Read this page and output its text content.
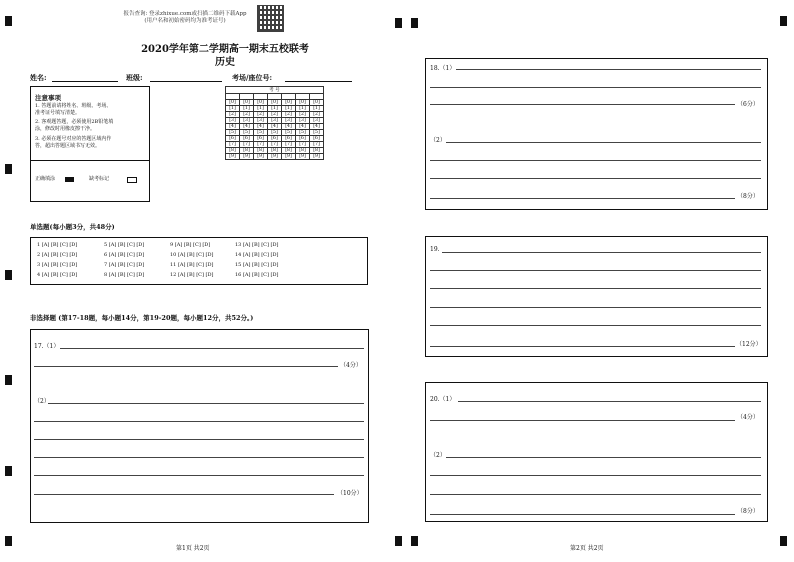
报告查询: 登录zhixue.com或扫描二维码下载App
(用户名和初始密码均为准考证号)
2020学年第二学期高一期末五校联考
历史
姓名:	班级:	考场/座位号:
注意事项
1. 答题前请将姓名、班级、考场、准考证号填写清楚。
2. 客观题答题，必须使用2B铅笔填涂，修改时用橡皮擦干净。
3. 必须在题号对应的答题区域内作答，超出答题区域书写无效。
正确填涂	缺考标记
考 号						

[0]	[0]	[0]	[0]	[0]	[0]	[0]
[1]	[1]	[1]	[1]	[1]	[1]	[1]
[2]	[2]	[2]	[2]	[2]	[2]	[2]
[3]	[3]	[3]	[3]	[3]	[3]	[3]
[4]	[4]	[4]	[4]	[4]	[4]	[4]
[5]	[5]	[5]	[5]	[5]	[5]	[5]
[6]	[6]	[6]	[6]	[6]	[6]	[6]
[7]	[7]	[7]	[7]	[7]	[7]	[7]
[8]	[8]	[8]	[8]	[8]	[8]	[8]
[9]	[9]	[9]	[9]	[9]	[9]	[9]
单选题(每小题3分，共48分)
1 [A] [B] [C] [D]	5 [A] [B] [C] [D]	9 [A] [B] [C] [D]	13 [A] [B] [C] [D]
2 [A] [B] [C] [D]	6 [A] [B] [C] [D]	10 [A] [B] [C] [D]	14 [A] [B] [C] [D]
3 [A] [B] [C] [D]	7 [A] [B] [C] [D]	11 [A] [B] [C] [D]	15 [A] [B] [C] [D]
4 [A] [B] [C] [D]	8 [A] [B] [C] [D]	12 [A] [B] [C] [D]	16 [A] [B] [C] [D]
非选择题 (第17-18题，每小题14分，第19-20题，每小题12分，共52分。)
17.（1）
（4分）
（2）
（10分）
第1页 共2页
18.（1）
（6分）
（2）
（8分）
19.
（12分）
20.（1）
（4分）
（2）
（8分）
第2页 共2页
